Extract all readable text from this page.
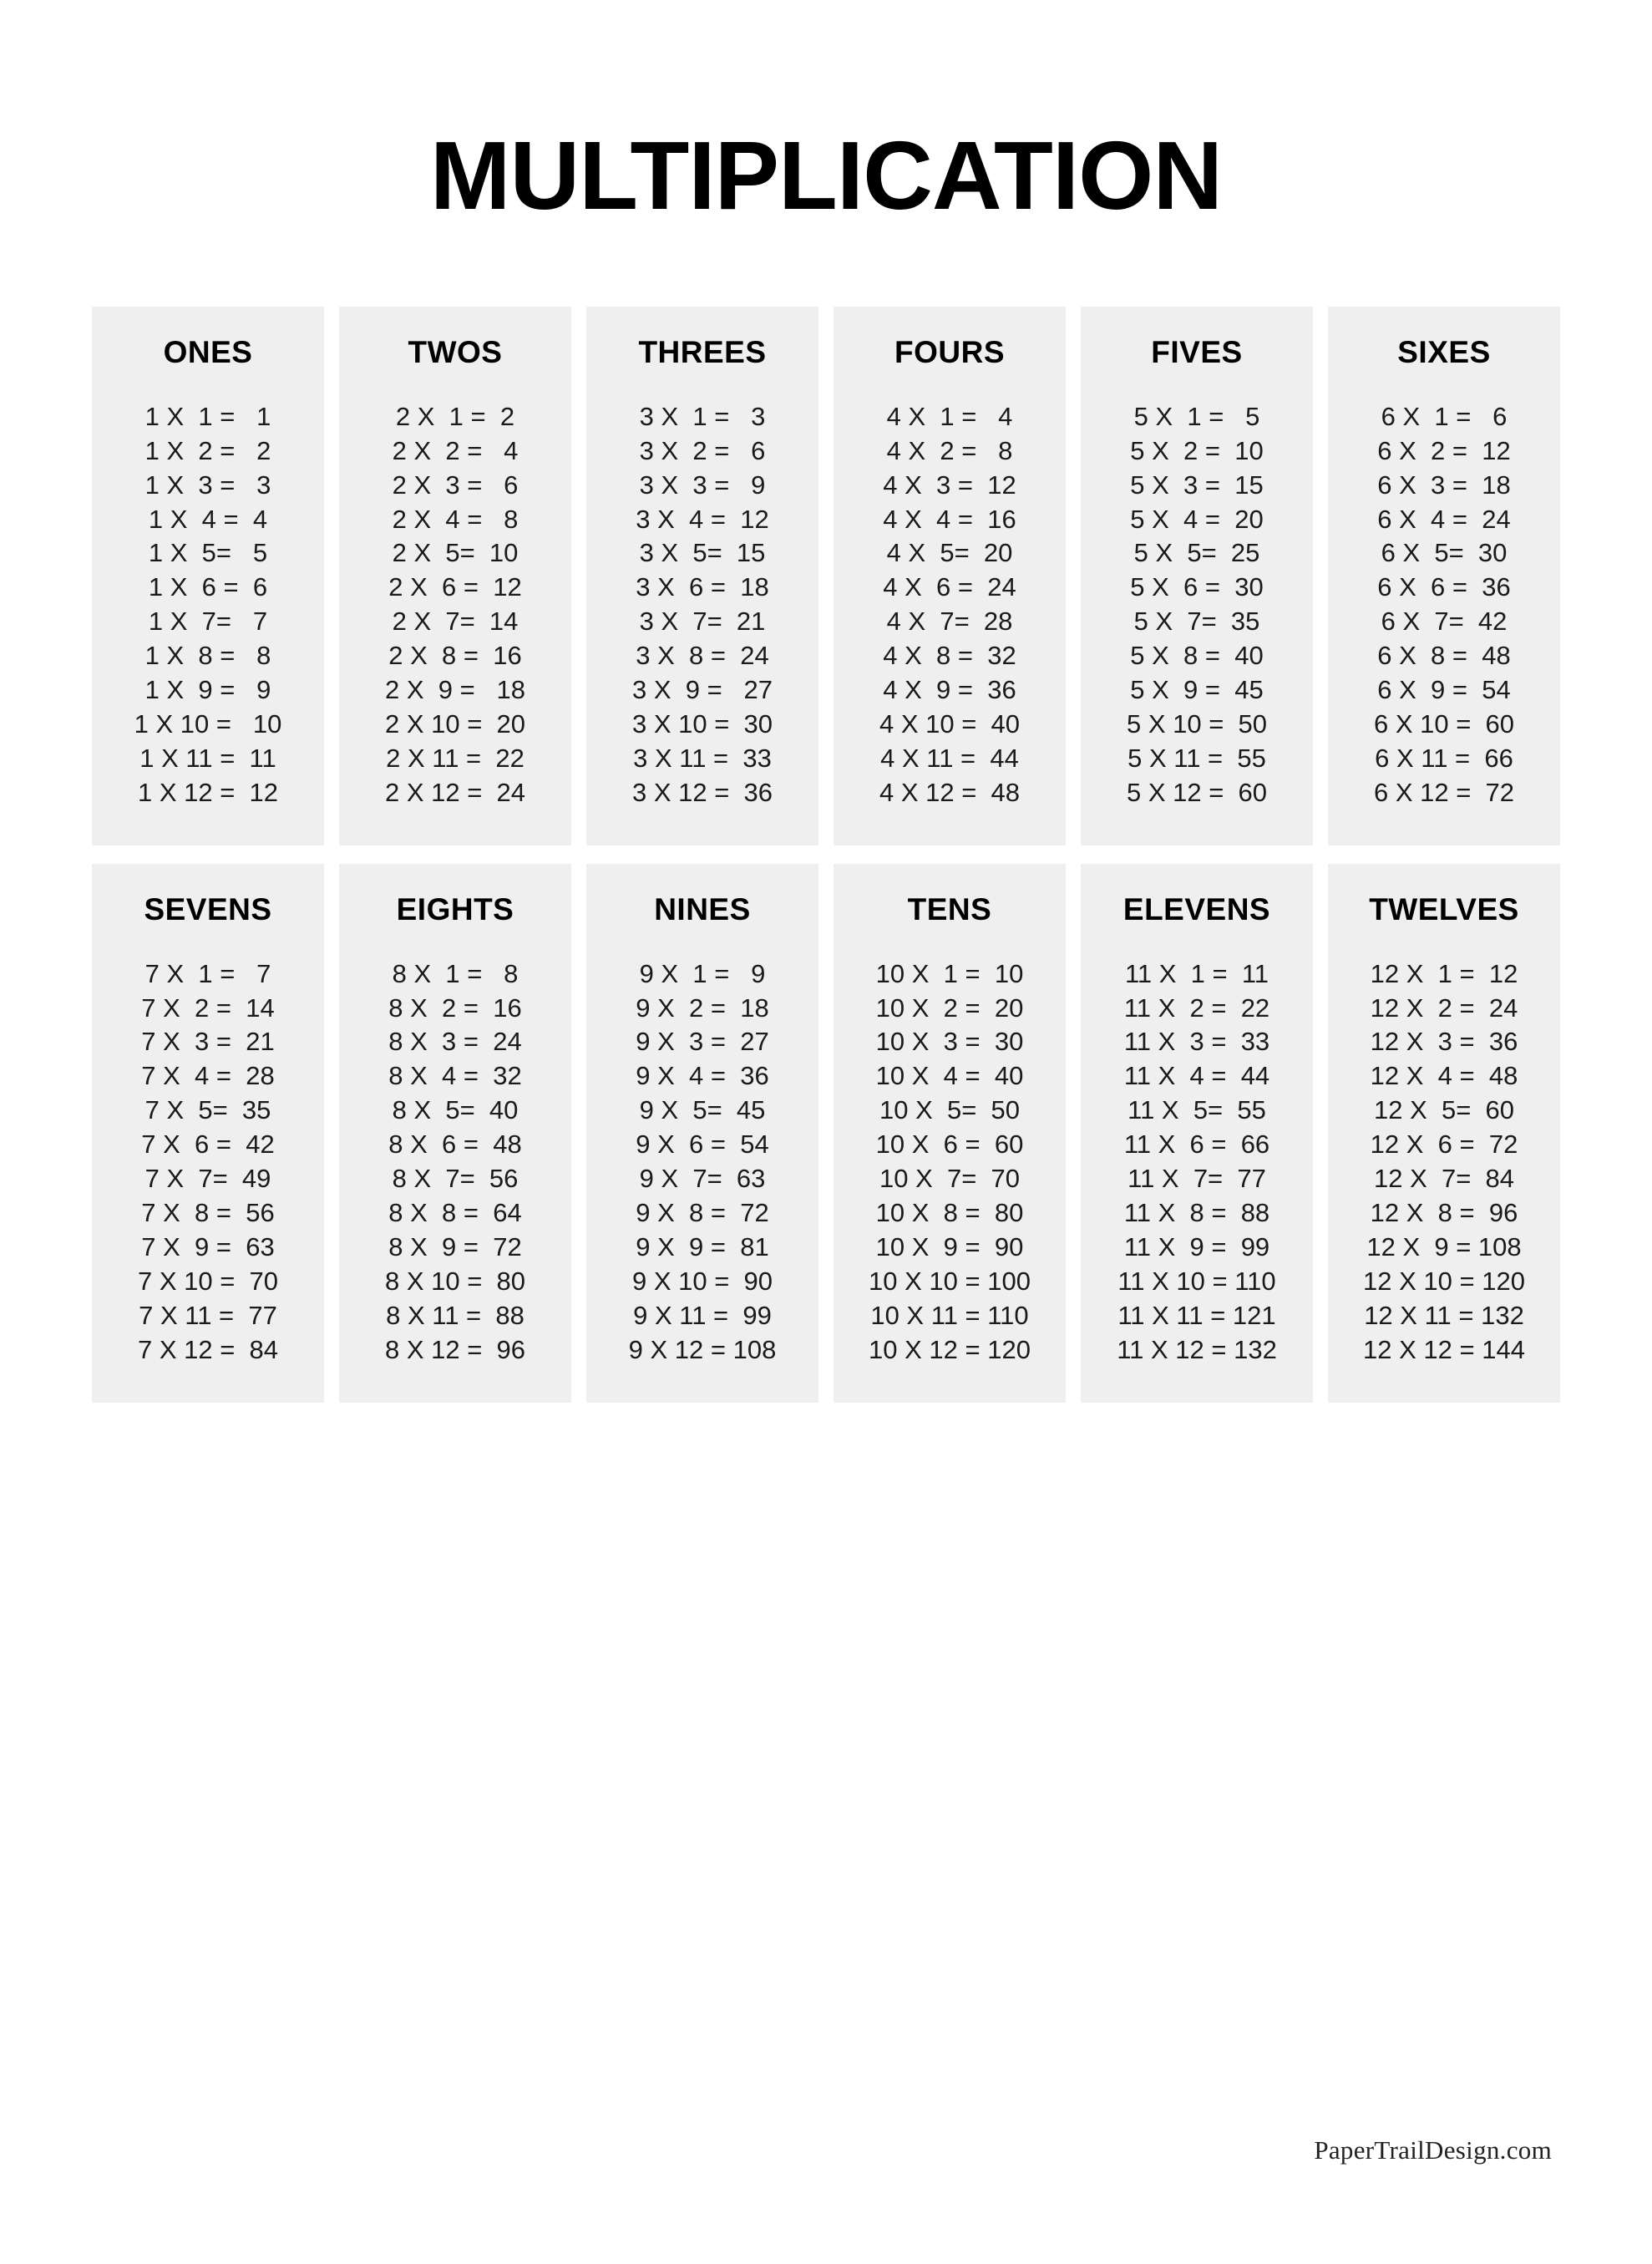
MULTIPLICATION
ONES
1 X  1 =   1
1 X  2 =   2
1 X  3 =   3
1 X  4 =  4
1 X  5=   5
1 X  6 =  6
1 X  7=   7
1 X  8 =   8
1 X  9 =   9
1 X 10 =   10
1 X 11 =  11
1 X 12 =  12
TWOS
2 X  1 =  2
2 X  2 =   4
2 X  3 =   6
2 X  4 =   8
2 X  5=  10
2 X  6 =  12
2 X  7=  14
2 X  8 =  16
2 X  9 =   18
2 X 10 =  20
2 X 11 =  22
2 X 12 =  24
THREES
3 X  1 =   3
3 X  2 =   6
3 X  3 =   9
3 X  4 =  12
3 X  5=  15
3 X  6 =  18
3 X  7=  21
3 X  8 =  24
3 X  9 =   27
3 X 10 =  30
3 X 11 =  33
3 X 12 =  36
FOURS
4 X  1 =   4
4 X  2 =   8
4 X  3 =  12
4 X  4 =  16
4 X  5=  20
4 X  6 =  24
4 X  7=  28
4 X  8 =  32
4 X  9 =  36
4 X 10 =  40
4 X 11 =  44
4 X 12 =  48
FIVES
5 X  1 =   5
5 X  2 =  10
5 X  3 =  15
5 X  4 =  20
5 X  5=  25
5 X  6 =  30
5 X  7=  35
5 X  8 =  40
5 X  9 =  45
5 X 10 =  50
5 X 11 =  55
5 X 12 =  60
SIXES
6 X  1 =   6
6 X  2 =  12
6 X  3 =  18
6 X  4 =  24
6 X  5=  30
6 X  6 =  36
6 X  7=  42
6 X  8 =  48
6 X  9 =  54
6 X 10 =  60
6 X 11 =  66
6 X 12 =  72
SEVENS
7 X  1 =   7
7 X  2 =  14
7 X  3 =  21
7 X  4 =  28
7 X  5=  35
7 X  6 =  42
7 X  7=  49
7 X  8 =  56
7 X  9 =  63
7 X 10 =  70
7 X 11 =  77
7 X 12 =  84
EIGHTS
8 X  1 =   8
8 X  2 =  16
8 X  3 =  24
8 X  4 =  32
8 X  5=  40
8 X  6 =  48
8 X  7=  56
8 X  8 =  64
8 X  9 =  72
8 X 10 =  80
8 X 11 =  88
8 X 12 =  96
NINES
9 X  1 =   9
9 X  2 =  18
9 X  3 =  27
9 X  4 =  36
9 X  5=  45
9 X  6 =  54
9 X  7=  63
9 X  8 =  72
9 X  9 =  81
9 X 10 =  90
9 X 11 =  99
9 X 12 = 108
TENS
10 X  1 =  10
10 X  2 =  20
10 X  3 =  30
10 X  4 =  40
10 X  5=  50
10 X  6 =  60
10 X  7=  70
10 X  8 =  80
10 X  9 =  90
10 X 10 = 100
10 X 11 = 110
10 X 12 = 120
ELEVENS
11 X  1 =  11
11 X  2 =  22
11 X  3 =  33
11 X  4 =  44
11 X  5=  55
11 X  6 =  66
11 X  7=  77
11 X  8 =  88
11 X  9 =  99
11 X 10 = 110
11 X 11 = 121
11 X 12 = 132
TWELVES
12 X  1 =  12
12 X  2 =  24
12 X  3 =  36
12 X  4 =  48
12 X  5=  60
12 X  6 =  72
12 X  7=  84
12 X  8 =  96
12 X  9 = 108
12 X 10 = 120
12 X 11 = 132
12 X 12 = 144
PaperTrailDesign.com
